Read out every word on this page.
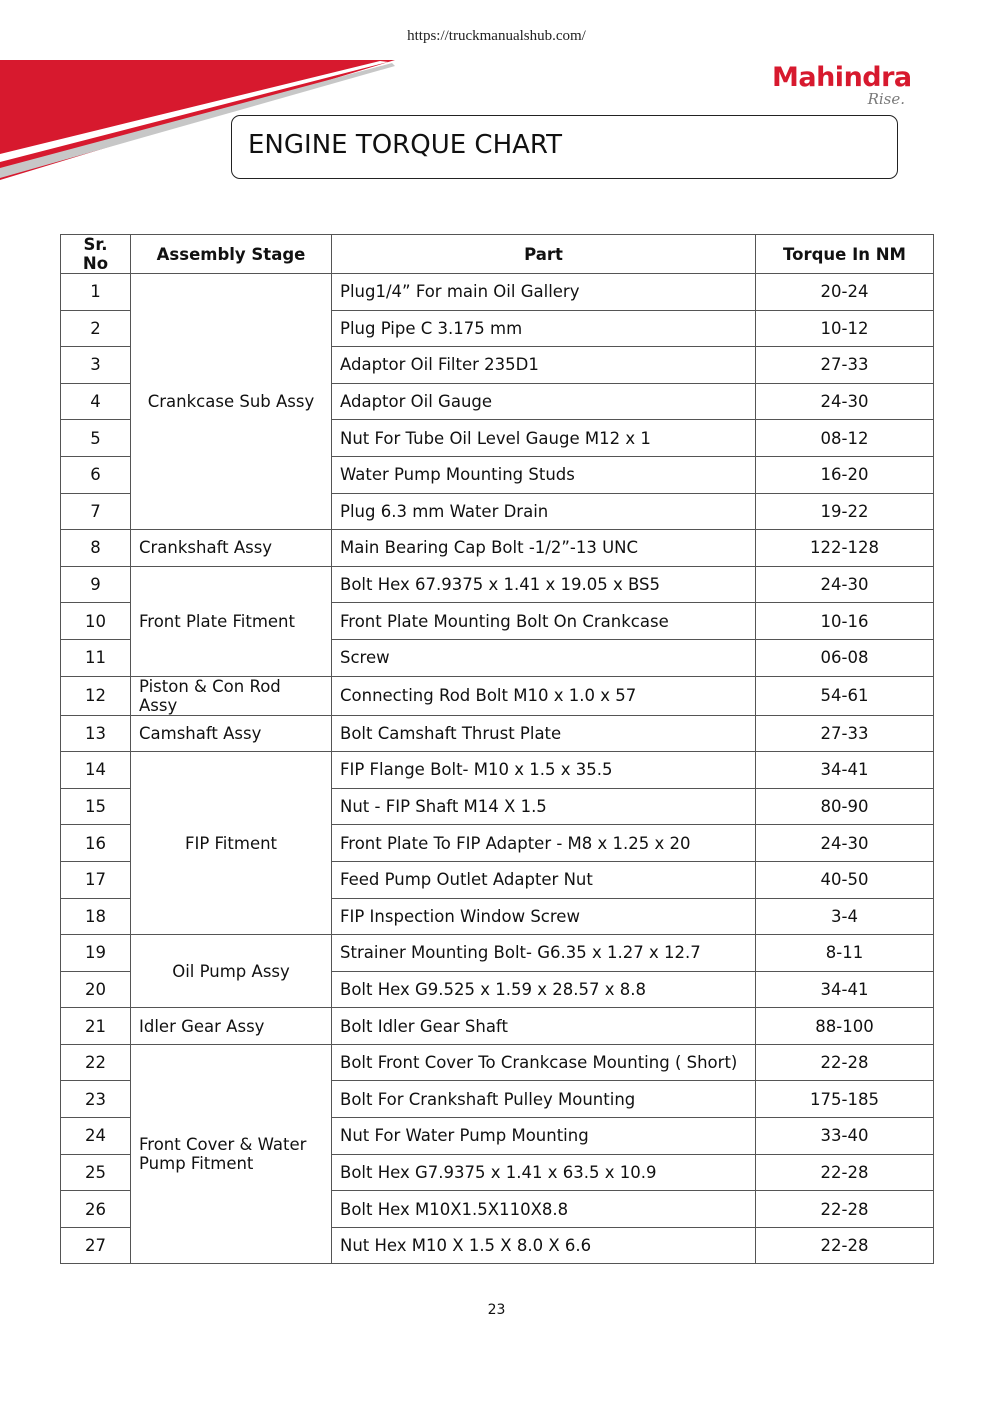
https://truckmanualshub.com/
Mahindra
Rise.
ENGINE TORQUE CHART
Sr. No	Assembly Stage	Part	Torque In NM
1	Crankcase Sub Assy	Plug1/4” For main Oil Gallery	20-24
2		Plug Pipe C 3.175 mm	10-12
3		Adaptor Oil Filter 235D1	27-33
4		Adaptor Oil Gauge	24-30
5		Nut For Tube Oil Level Gauge M12 x 1	08-12
6		Water Pump Mounting Studs	16-20
7		Plug 6.3 mm Water Drain	19-22
8	Crankshaft Assy	Main Bearing Cap Bolt -1/2”-13 UNC	122-128
9	Front Plate Fitment	Bolt Hex 67.9375 x 1.41 x 19.05 x BS5	24-30
10		Front Plate Mounting Bolt On Crankcase	10-16
11		Screw	06-08
12	Piston & Con Rod Assy	Connecting Rod Bolt M10 x 1.0 x 57	54-61
13	Camshaft Assy	Bolt Camshaft Thrust Plate	27-33
14	FIP Fitment	FIP Flange Bolt- M10 x 1.5 x 35.5	34-41
15		Nut - FIP Shaft M14 X 1.5	80-90
16		Front Plate To FIP Adapter - M8 x 1.25 x 20	24-30
17		Feed Pump Outlet Adapter Nut	40-50
18		FIP Inspection Window Screw	3-4
19	Oil Pump Assy	Strainer Mounting Bolt- G6.35 x 1.27 x 12.7	8-11
20		Bolt Hex G9.525 x 1.59 x 28.57 x 8.8	34-41
21	Idler Gear Assy	Bolt Idler Gear Shaft	88-100
22	Front Cover & Water Pump Fitment	Bolt Front Cover To Crankcase Mounting ( Short)	22-28
23		Bolt For Crankshaft Pulley Mounting	175-185
24		Nut For Water Pump Mounting	33-40
25		Bolt Hex G7.9375 x 1.41 x 63.5 x 10.9	22-28
26		Bolt Hex M10X1.5X110X8.8	22-28
27		Nut Hex M10 X 1.5 X 8.0 X 6.6	22-28
23
